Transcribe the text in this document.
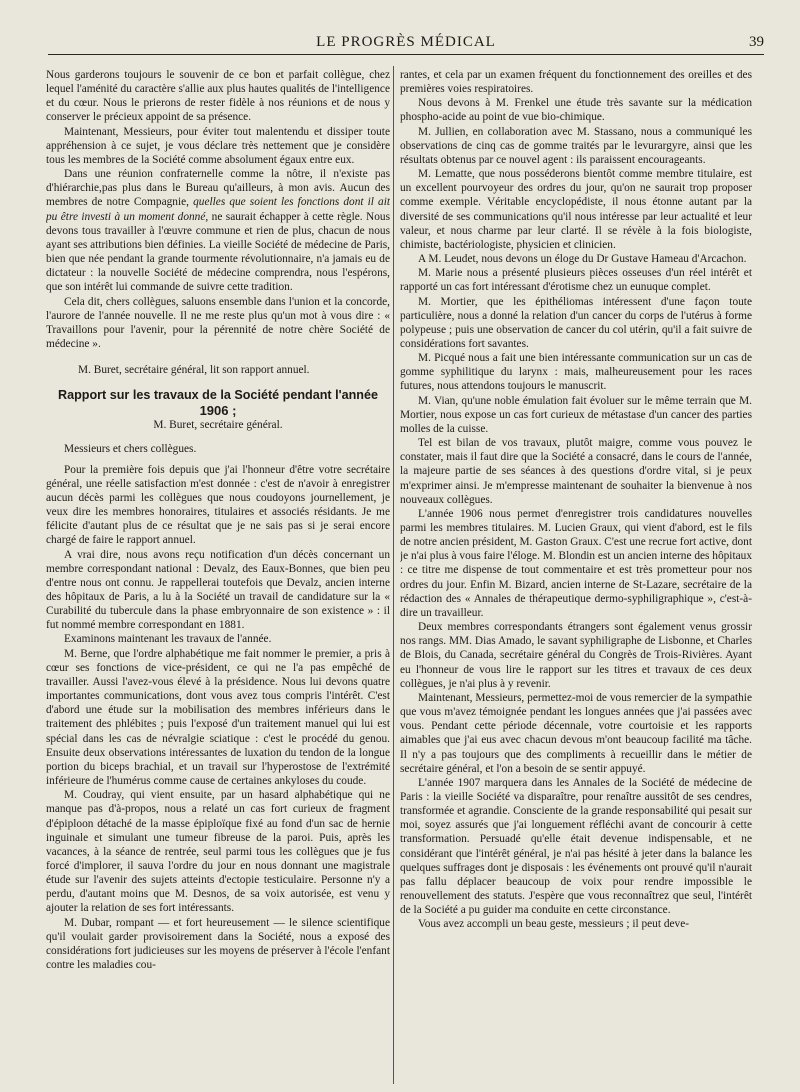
LE PROGRÈS MÉDICAL	39

Nous garderons toujours le souvenir de ce bon et parfait collègue, chez lequel l'aménité du caractère s'allie aux plus hautes qualités de l'intelligence et du cœur. Nous le prierons de rester fidèle à nos réunions et de nous y conserver le précieux appoint de sa présence.

Maintenant, Messieurs, pour éviter tout malentendu et dissiper toute appréhension à ce sujet, je vous déclare très nettement que je considère tous les membres de la Société comme absolument égaux entre eux.

Dans une réunion confraternelle comme la nôtre, il n'existe pas d'hiérarchie,pas plus dans le Bureau qu'ailleurs, à mon avis. Aucun des membres de notre Compagnie, quelles que soient les fonctions dont il ait pu être investi à un moment donné, ne saurait échapper à cette règle. Nous devons tous travailler à l'œuvre commune et rien de plus, chacun de nous ayant ses attributions bien définies. La vieille Société de médecine de Paris, bien que née pendant la grande tourmente révolutionnaire, n'a jamais eu de dictateur : la nouvelle Société de médecine comprendra, nous l'espérons, que son intérêt lui commande de suivre cette tradition.

Cela dit, chers collègues, saluons ensemble dans l'union et la concorde, l'aurore de l'année nouvelle. Il ne me reste plus qu'un mot à vous dire : « Travaillons pour l'avenir, pour la pérennité de notre chère Société de médecine ».

M. Buret, secrétaire général, lit son rapport annuel.

Rapport sur les travaux de la Société pendant l'année
1906 ;

M. Buret, secrétaire général.

Messieurs et chers collègues.

Pour la première fois depuis que j'ai l'honneur d'être votre secrétaire général, une réelle satisfaction m'est donnée : c'est de n'avoir à enregistrer aucun décès parmi les collègues que nous coudoyons journellement, je veux dire les membres honoraires, titulaires et associés résidants. Je me félicite d'autant plus de ce résultat que je ne sais pas si je serai encore chargé de faire le rapport annuel.

A vrai dire, nous avons reçu notification d'un décès concernant un membre correspondant national : Devalz, des Eaux-Bonnes, que bien peu d'entre nous ont connu. Je rappellerai toutefois que Devalz, ancien interne des hôpitaux de Paris, a lu à la Société un travail de candidature sur la « Curabilité du tubercule dans la phase embryonnaire de son existence » : il fut nommé membre correspondant en 1881.

Examinons maintenant les travaux de l'année.

M. Berne, que l'ordre alphabétique me fait nommer le premier, a pris à cœur ses fonctions de vice-président, ce qui ne l'a pas empêché de travailler. Aussi l'avez-vous élevé à la présidence. Nous lui devons quatre importantes communications, dont vous avez tous compris l'intérêt. C'est d'abord une étude sur la mobilisation des membres inférieurs dans le traitement des phlébites ; puis l'exposé d'un traitement manuel qui lui est spécial dans les cas de névralgie sciatique : c'est le procédé du genou. Ensuite deux observations intéressantes de luxation du tendon de la longue portion du biceps brachial, et un travail sur l'hyperostose de l'extrémité inférieure de l'humérus comme cause de certaines ankyloses du coude.

M. Coudray, qui vient ensuite, par un hasard alphabétique qui ne manque pas d'à-propos, nous a relaté un cas fort curieux de fragment d'épiploon détaché de la masse épiploïque fixé au fond d'un sac de hernie inguinale et simulant une tumeur fibreuse de la paroi. Puis, après les vacances, à la séance de rentrée, seul parmi tous les collègues que je fus forcé d'implorer, il sauva l'ordre du jour en nous donnant une magistrale étude sur l'avenir des sujets atteints d'ectopie testiculaire. Personne n'y a perdu, d'autant moins que M. Desnos, de sa voix autorisée, est venu y ajouter la relation de ses fort intéressants.

M. Dubar, rompant — et fort heureusement — le silence scientifique qu'il voulait garder provisoirement dans la Société, nous a exposé des considérations fort judicieuses sur les moyens de préserver à l'école l'enfant contre les maladies cou-

rantes, et cela par un examen fréquent du fonctionnement des oreilles et des premières voies respiratoires.

Nous devons à M. Frenkel une étude très savante sur la médication phospho-acide au point de vue bio-chimique.

M. Jullien, en collaboration avec M. Stassano, nous a communiqué les observations de cinq cas de gomme traités par le levurargyre, ainsi que les résultats obtenus par ce nouvel agent : ils paraissent encourageants.

M. Lematte, que nous posséderons bientôt comme membre titulaire, est un excellent pourvoyeur des ordres du jour, qu'on ne saurait trop proposer comme exemple. Véritable encyclopédiste, il nous étonne autant par la diversité de ses communications qu'il nous intéresse par leur actualité et leur valeur, et nous charme par leur clarté. Il se révèle à la fois biologiste, chimiste, bactériologiste, physicien et clinicien.

A M. Leudet, nous devons un éloge du Dr Gustave Hameau d'Arcachon.

M. Marie nous a présenté plusieurs pièces osseuses d'un réel intérêt et rapporté un cas fort intéressant d'érotisme chez un eunuque complet.

M. Mortier, que les épithéliomas intéressent d'une façon toute particulière, nous a donné la relation d'un cancer du corps de l'utérus à forme polypeuse ; puis une observation de cancer du col utérin, qu'il a fait suivre de considérations fort savantes.

M. Picqué nous a fait une bien intéressante communication sur un cas de gomme syphilitique du larynx : mais, malheureusement pour les races futures, nous attendons toujours le manuscrit.

M. Vian, qu'une noble émulation fait évoluer sur le même terrain que M. Mortier, nous expose un cas fort curieux de métastase d'un cancer des parties molles de la cuisse.

Tel est bilan de vos travaux, plutôt maigre, comme vous pouvez le constater, mais il faut dire que la Société a consacré, dans le cours de l'année, la majeure partie de ses séances à des questions d'ordre vital, si je peux m'exprimer ainsi. Je m'empresse maintenant de souhaiter la bienvenue à nos nouveaux collègues.

L'année 1906 nous permet d'enregistrer trois candidatures nouvelles parmi les membres titulaires. M. Lucien Graux, qui vient d'abord, est le fils de notre ancien président, M. Gaston Graux. C'est une recrue fort active, dont je n'ai plus à vous faire l'éloge. M. Blondin est un ancien interne des hôpitaux : ce titre me dispense de tout commentaire et est très prometteur pour nos ordres du jour. Enfin M. Bizard, ancien interne de St-Lazare, secrétaire de la rédaction des « Annales de thérapeutique dermo-syphiligraphique », c'est-à-dire un travailleur.

Deux membres correspondants étrangers sont également venus grossir nos rangs. MM. Dias Amado, le savant syphiligraphe de Lisbonne, et Charles de Blois, du Canada, secrétaire général du Congrès de Trois-Rivières. Ayant eu l'honneur de vous lire le rapport sur les titres et travaux de ces deux collègues, je n'ai plus à y revenir.

Maintenant, Messieurs, permettez-moi de vous remercier de la sympathie que vous m'avez témoignée pendant les longues années que j'ai passées avec vous. Pendant cette période décennale, votre courtoisie et les rapports aimables que j'ai eus avec chacun devous m'ont beaucoup facilité ma tâche. Il n'y a pas toujours que des compliments à recueillir dans le métier de secrétaire général, et l'on a besoin de se sentir appuyé.

L'année 1907 marquera dans les Annales de la Société de médecine de Paris : la vieille Société va disparaître, pour renaître aussitôt de ses cendres, transformée et agrandie. Consciente de la grande responsabilité qui pesait sur moi, soyez assurés que j'ai longuement réfléchi avant de concourir à cette transformation. Persuadé qu'elle était devenue indispensable, et ne considérant que l'intérêt général, je n'ai pas hésité à jeter dans la balance les quelques suffrages dont je disposais : les événements ont prouvé qu'il n'aurait pas fallu déplacer beaucoup de voix pour rendre impossible le renouvellement des statuts. J'espère que vous reconnaîtrez que seul, l'intérêt de la Société a pu guider ma conduite en cette circonstance.

Vous avez accompli un beau geste, messieurs ; il peut deve-
